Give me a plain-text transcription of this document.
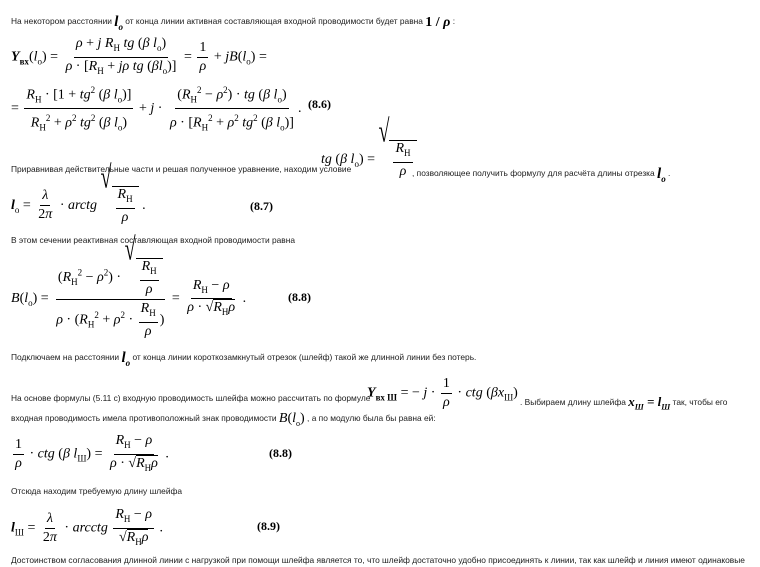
На некотором расстоянии $l_о$ от конца линии активная составляющая входной проводимости будет равна 1 / ρ :
$Y_{вх}(l_о) = \frac{\rho + j R_Н tg (\beta l_о)}{\rho \cdot [R_Н + j\rho tg (\beta l_о)]} = \frac{1}{\rho} + jB(l_о)$ =
= $\frac{R_Н \cdot [1 + tg^2 (\beta l_о)]}{R_Н^2 + \rho^2 tg^2 (\beta l_о)} + j \cdot \frac{(R_Н^2 - \rho^2) \cdot tg (\beta l_о)}{\rho \cdot [R_Н^2 + \rho^2 tg^2 (\beta l_о)]}$ . (8.6)
Приравнивая действительные части и решая полученное уравнение, находим условие
tg (β $l_о$) =
√
$\frac{R_Н}{\rho}$ , позволяющее получить формулу для расчёта длины отрезка $l_о$ .
$l_о = \frac{\lambda}{2\pi}$ · arctg
√
$\frac{R_Н}{\rho}$ .	(8.7)
В этом сечении реактивная составляющая входной проводимости равна
$B(l_о) = (R_Н^2 - \rho^2)$ ·
√
$\frac{R_Н}{\rho}$
$\rho \cdot (R_Н^2 + \rho^2 \cdot \frac{R_Н}{\rho}$ ) = $\frac{R_Н - \rho}{\rho \cdot √R_Н\rho}$ .	(8.8)
Подключаем на расстоянии $l_о$ от конца линии короткозамкнутый отрезок (шлейф) такой же длинной линии без потерь.
На основе формулы (5.11 с) входную проводимость шлейфа можно рассчитать по формуле
$Y_{вх Ш}$ = − $j \cdot \frac{1}{\rho}$ · ctg $(\beta x_Ш)$
. Выбираем длину шлейфа $x_Ш = l_Ш$ так, чтобы его
входная проводимость имела противоположный знак проводимости $B(l_о)$ , а по модулю была бы равна ей:
$\frac{1}{\rho}$ · ctg (β $l_Ш) = \frac{R_Н - \rho}{\rho \cdot √R_Н\rho}$ .	(8.8)
Отсюда находим требуемую длину шлейфа
$l_Ш = \frac{\lambda}{2\pi}$ · arcctg $\frac{R_Н - \rho}{√R_Н\rho}$ .	(8.9)
Достоинством согласования длинной линии с нагрузкой при помощи шлейфа является то, что шлейф достаточно удобно присоединять к линии, так как шлейф и линия имеют одинаковые
